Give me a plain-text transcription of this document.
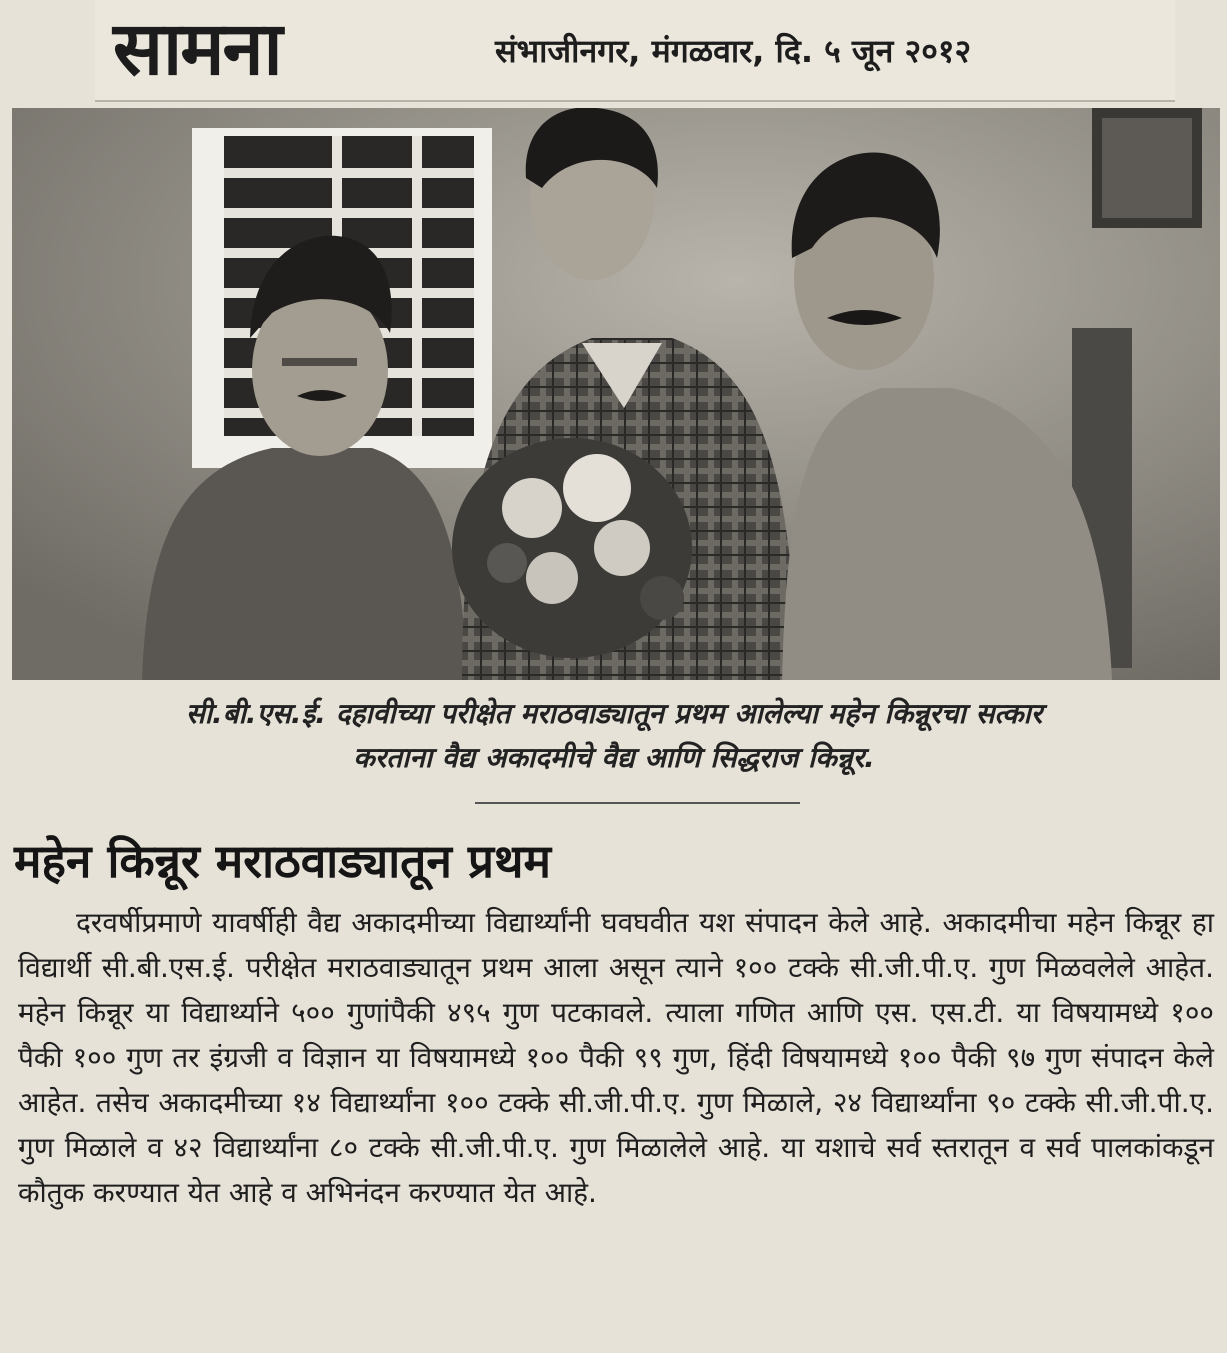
सामना	संभाजीनगर, मंगळवार, दि. ५ जून २०१२
सी.बी.एस.ई. दहावीच्या परीक्षेत मराठवाड्यातून प्रथम आलेल्या महेन किन्नूरचा सत्कार
करताना वैद्य अकादमीचे वैद्य आणि सिद्धराज किन्नूर.
महेन किन्नूर मराठवाड्यातून प्रथम
दरवर्षीप्रमाणे यावर्षीही वैद्य अकादमीच्या विद्यार्थ्यांनी घवघवीत यश संपादन केले आहे. अकादमीचा महेन किन्नूर हा विद्यार्थी सी.बी.एस.ई. परीक्षेत मराठवाड्यातून प्रथम आला असून त्याने १०० टक्के सी.जी.पी.ए. गुण मिळवलेले आहेत. महेन किन्नूर या विद्यार्थ्याने ५०० गुणांपैकी ४९५ गुण पटकावले. त्याला गणित आणि एस. एस.टी. या विषयामध्ये १०० पैकी १०० गुण तर इंग्रजी व विज्ञान या विषयामध्ये १०० पैकी ९९ गुण, हिंदी विषयामध्ये १०० पैकी ९७ गुण संपादन केले आहेत. तसेच अकादमीच्या १४ विद्यार्थ्यांना १०० टक्के सी.जी.पी.ए. गुण मिळाले, २४ विद्यार्थ्यांना ९० टक्के सी.जी.पी.ए. गुण मिळाले व ४२ विद्यार्थ्यांना ८० टक्के सी.जी.पी.ए. गुण मिळालेले आहे. या यशाचे सर्व स्तरातून व सर्व पालकांकडून कौतुक करण्यात येत आहे व अभिनंदन करण्यात येत आहे.
